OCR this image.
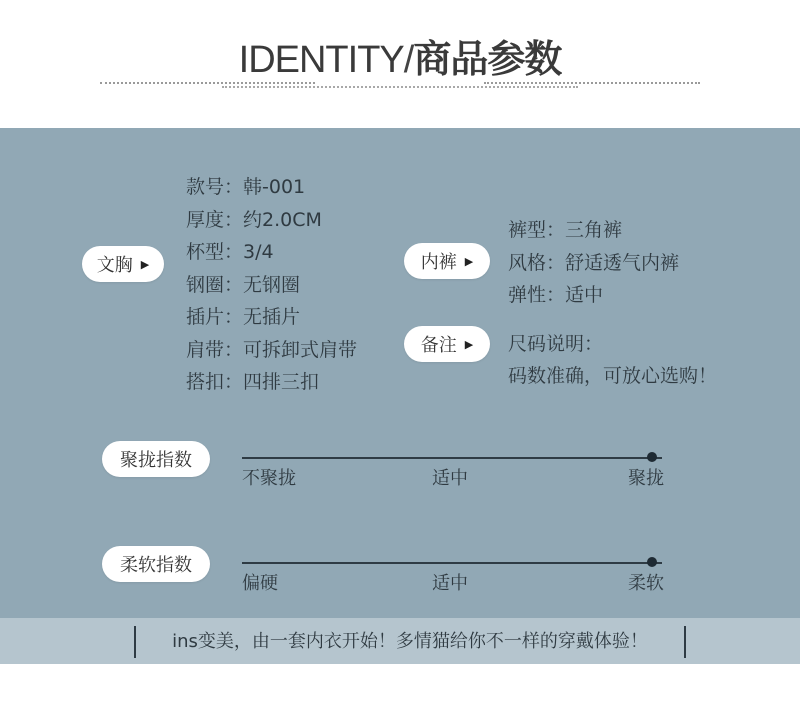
IDENTITY/商品参数
文胸 ▶
款号：韩-001
厚度：约2.0CM
杯型：3/4
钢圈：无钢圈
插片：无插片
肩带：可拆卸式肩带
搭扣：四排三扣
内裤 ▶
裤型：三角裤
风格：舒适透气内裤
弹性：适中
备注 ▶ 尺码说明：
码数准确，可放心选购！
聚拢指数
不聚拢	适中	聚拢
柔软指数
偏硬	适中	柔软
ins变美，由一套内衣开始！多情猫给你不一样的穿戴体验！
